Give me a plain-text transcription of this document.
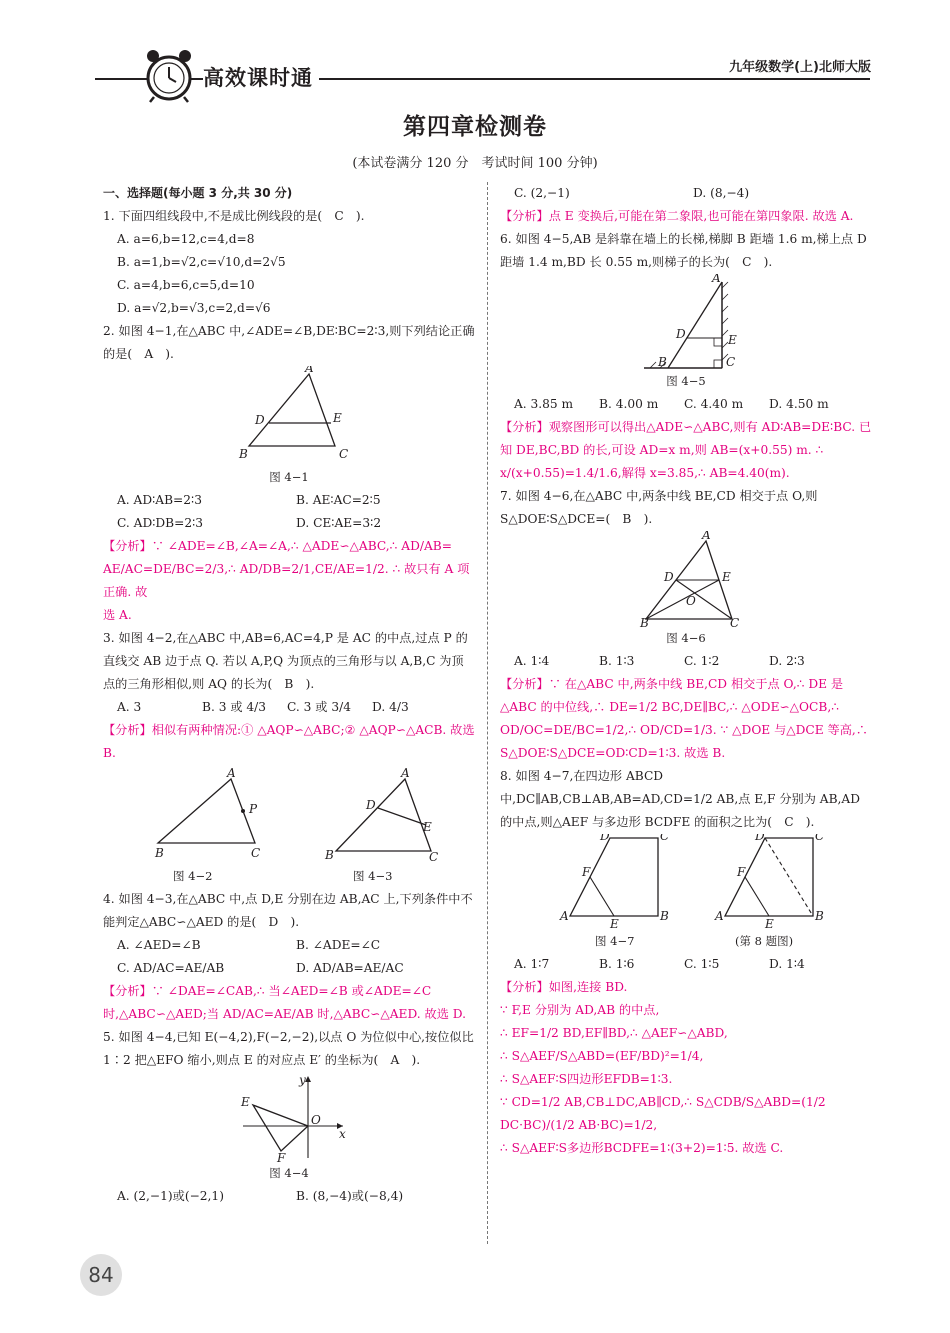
高效课时通	九年级数学(上)北师大版
第四章检测卷
(本试卷满分 120 分　考试时间 100 分钟)

一、选择题(每小题 3 分,共 30 分)

1. 下面四组线段中,不是成比例线段的是(　C　).

A. a=6,b=12,c=4,d=8

B. a=1,b=√2,c=√10,d=2√5

C. a=4,b=6,c=5,d=10

D. a=√2,b=√3,c=2,d=√6

2. 如图 4−1,在△ABC 中,∠ADE=∠B,DE∶BC=2∶3,则下列结论正确的是(　A　).

A
D	E
B	C

图 4−1

A. AD∶AB=2∶3	B. AE∶AC=2∶5
C. AD∶DB=2∶3	D. CE∶AE=3∶2

【分析】∵ ∠ADE=∠B,∠A=∠A,∴ △ADE∽△ABC,∴ AD/AB=

AE/AC=DE/BC=2/3,∴ AD/DB=2/1,CE/AE=1/2. ∴ 故只有 A 项正确. 故

选 A.

3. 如图 4−2,在△ABC 中,AB=6,AC=4,P 是 AC 的中点,过点 P 的直线交 AB 边于点 Q. 若以 A,P,Q 为顶点的三角形与以 A,B,C 为顶点的三角形相似,则 AQ 的长为(　B　).

A. 3	B. 3 或 4/3	C. 3 或 3/4	D. 4/3

【分析】相似有两种情况:① △AQP∽△ABC;② △AQP∽△ACB. 故选 B.

A
P
B	C
A
D
E
B	C
图 4−2	图 4−3

4. 如图 4−3,在△ABC 中,点 D,E 分别在边 AB,AC 上,下列条件中不能判定△ABC∽△AED 的是(　D　).

A. ∠AED=∠B	B. ∠ADE=∠C
C. AD/AC=AE/AB	D. AD/AB=AE/AC

【分析】∵ ∠DAE=∠CAB,∴ 当∠AED=∠B 或∠ADE=∠C 时,△ABC∽△AED;当 AD/AC=AE/AB 时,△ABC∽△AED. 故选 D.

5. 如图 4−4,已知 E(−4,2),F(−2,−2),以点 O 为位似中心,按位似比 1∶2 把△EFO 缩小,则点 E 的对应点 E′ 的坐标为(　A　).

E
O
F
y
x

图 4−4

A. (2,−1)或(−2,1)	B. (8,−4)或(−8,4)
C. (2,−1)	D. (8,−4)

【分析】点 E 变换后,可能在第二象限,也可能在第四象限. 故选 A.

6. 如图 4−5,AB 是斜靠在墙上的长梯,梯脚 B 距墙 1.6 m,梯上点 D 距墙 1.4 m,BD 长 0.55 m,则梯子的长为(　C　).

A
D	E
B	C

图 4−5

A. 3.85 m	B. 4.00 m	C. 4.40 m	D. 4.50 m

【分析】观察图形可以得出△ADE∽△ABC,则有 AD∶AB=DE∶BC. 已知 DE,BC,BD 的长,可设 AD=x m,则 AB=(x+0.55) m. ∴ x/(x+0.55)=1.4/1.6,解得 x=3.85,∴ AB=4.40(m).

7. 如图 4−6,在△ABC 中,两条中线 BE,CD 相交于点 O,则 S△DOE∶S△DCE=(　B　).

A
D	E
O
B	C

图 4−6

A. 1∶4	B. 1∶3	C. 1∶2	D. 2∶3

【分析】∵ 在△ABC 中,两条中线 BE,CD 相交于点 O,∴ DE 是△ABC 的中位线,∴ DE=1/2 BC,DE∥BC,∴ △ODE∽△OCB,∴ OD/OC=DE/BC=1/2,∴ OD/CD=1/3. ∵ △DOE 与△DCE 等高,∴ S△DOE∶S△DCE=OD∶CD=1∶3. 故选 B.

8. 如图 4−7,在四边形 ABCD 中,DC∥AB,CB⊥AB,AB=AD,CD=1/2 AB,点 E,F 分别为 AB,AD 的中点,则△AEF 与多边形 BCDFE 的面积之比为(　C　).

D	C
F
A
E
B
D	C
F
A
E
B
图 4−7	(第 8 题图)
A. 1∶7	B. 1∶6	C. 1∶5	D. 1∶4

【分析】如图,连接 BD.

∵ F,E 分别为 AD,AB 的中点,

∴ EF=1/2 BD,EF∥BD,∴ △AEF∽△ABD,

∴ S△AEF/S△ABD=(EF/BD)²=1/4,

∴ S△AEF∶S四边形EFDB=1∶3.

∵ CD=1/2 AB,CB⊥DC,AB∥CD,∴ S△CDB/S△ABD=(1/2 DC·BC)/(1/2 AB·BC)=1/2,

∴ S△AEF∶S多边形BCDFE=1∶(3+2)=1∶5. 故选 C.

84
